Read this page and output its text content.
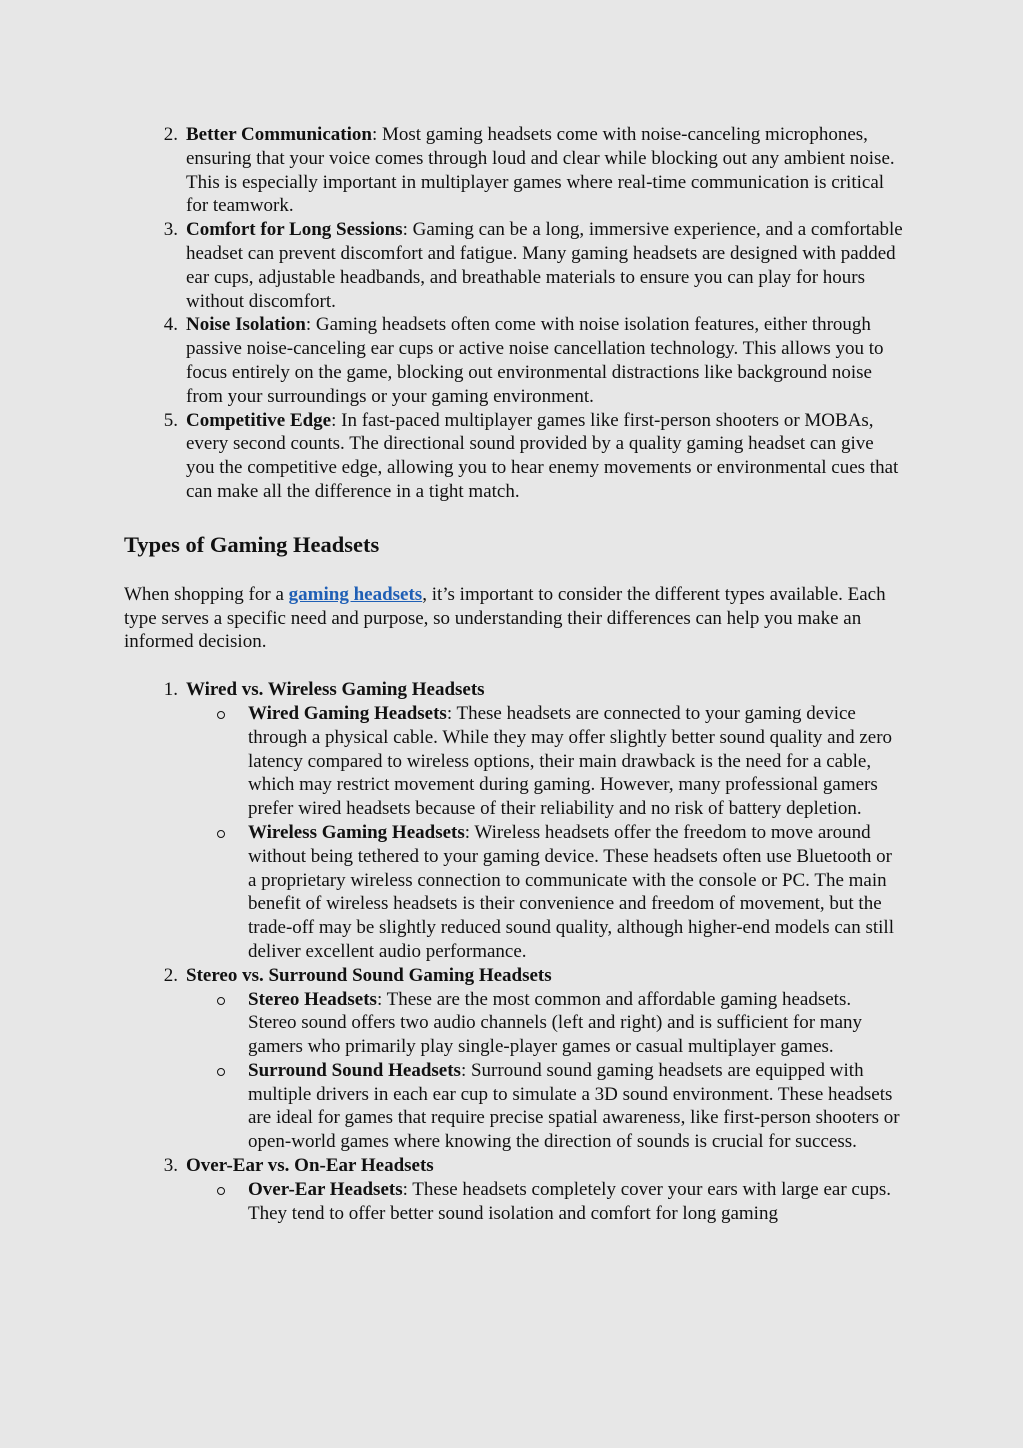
2 . Better Communication: Most gaming headsets come with noise-canceling microphones, ensuring that your voice comes through loud and clear while blocking out any ambient noise. This is especially important in multiplayer games where real-time communication is critical for teamwork.
3 . Comfort for Long Sessions: Gaming can be a long, immersive experience, and a comfortable headset can prevent discomfort and fatigue. Many gaming headsets are designed with padded ear cups, adjustable headbands, and breathable materials to ensure you can play for hours without discomfort.
4 . Noise Isolation: Gaming headsets often come with noise isolation features, either through passive noise-canceling ear cups or active noise cancellation technology. This allows you to focus entirely on the game, blocking out environmental distractions like background noise from your surroundings or your gaming environment.
5 . Competitive Edge: In fast-paced multiplayer games like first-person shooters or MOBAs, every second counts. The directional sound provided by a quality gaming headset can give you the competitive edge, allowing you to hear enemy movements or environmental cues that can make all the difference in a tight match.
Types of Gaming Headsets

When shopping for a gaming headsets, it’s important to consider the different types available. Each type serves a specific need and purpose, so understanding their differences can help you make an informed decision.

1 . Wired vs. Wireless Gaming Headsets
Wired Gaming Headsets: These headsets are connected to your gaming device through a physical cable. While they may offer slightly better sound quality and zero latency compared to wireless options, their main drawback is the need for a cable, which may restrict movement during gaming. However, many professional gamers prefer wired headsets because of their reliability and no risk of battery depletion.
Wireless Gaming Headsets: Wireless headsets offer the freedom to move around without being tethered to your gaming device. These headsets often use Bluetooth or a proprietary wireless connection to communicate with the console or PC. The main benefit of wireless headsets is their convenience and freedom of movement, but the trade-off may be slightly reduced sound quality, although higher-end models can still deliver excellent audio performance.
2 . Stereo vs. Surround Sound Gaming Headsets
Stereo Headsets: These are the most common and affordable gaming headsets. Stereo sound offers two audio channels (left and right) and is sufficient for many gamers who primarily play single-player games or casual multiplayer games.
Surround Sound Headsets: Surround sound gaming headsets are equipped with multiple drivers in each ear cup to simulate a 3D sound environment. These headsets are ideal for games that require precise spatial awareness, like first-person shooters or open-world games where knowing the direction of sounds is crucial for success.
3 . Over-Ear vs. On-Ear Headsets
Over-Ear Headsets: These headsets completely cover your ears with large ear cups. They tend to offer better sound isolation and comfort for long gaming
